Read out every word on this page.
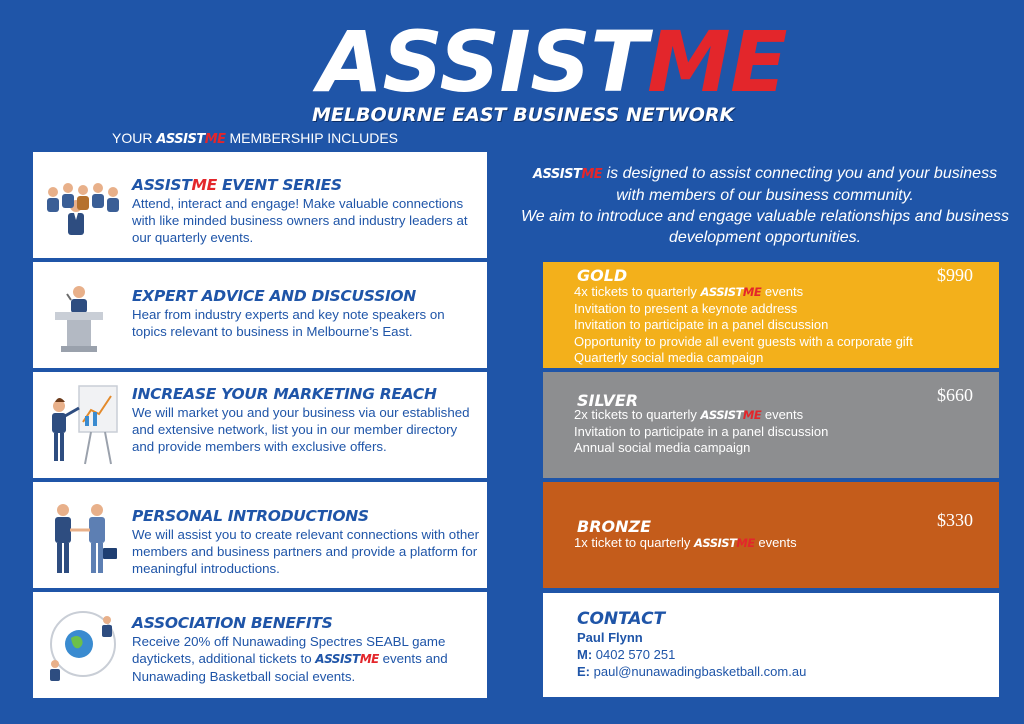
ASSISTME
MELBOURNE EAST BUSINESS NETWORK
YOUR ASSISTME MEMBERSHIP INCLUDES
ASSISTME EVENT SERIES
Attend, interact and engage! Make valuable connections with like minded business owners and industry leaders at our quarterly events.
EXPERT ADVICE AND DISCUSSION
Hear from industry experts and key note speakers on topics relevant to business in Melbourne’s East.
INCREASE YOUR MARKETING REACH
We will market you and your business via our established and extensive network, list you in our member directory and provide members with exclusive offers.
PERSONAL INTRODUCTIONS
We will assist you to create relevant connections with other members and business partners and provide a platform for meaningful introductions.
ASSOCIATION BENEFITS
Receive 20% off Nunawading Spectres SEABL game daytickets, additional tickets to ASSISTME events and Nunawading Basketball social events.
ASSISTME is designed to assist connecting you and your business with members of our business community.
We aim to introduce and engage valuable relationships and business development opportunities.
GOLD	$990
4x tickets to quarterly ASSISTME events
Invitation to present a keynote address
Invitation to participate in a panel discussion
Opportunity to provide all event guests with a corporate gift
Quarterly social media campaign
SILVER	$660
2x tickets to quarterly ASSISTME events
Invitation to participate in a panel discussion
Annual social media campaign
BRONZE	$330
1x ticket to quarterly ASSISTME events
CONTACT
Paul Flynn
M: 0402 570 251
E: paul@nunawadingbasketball.com.au
